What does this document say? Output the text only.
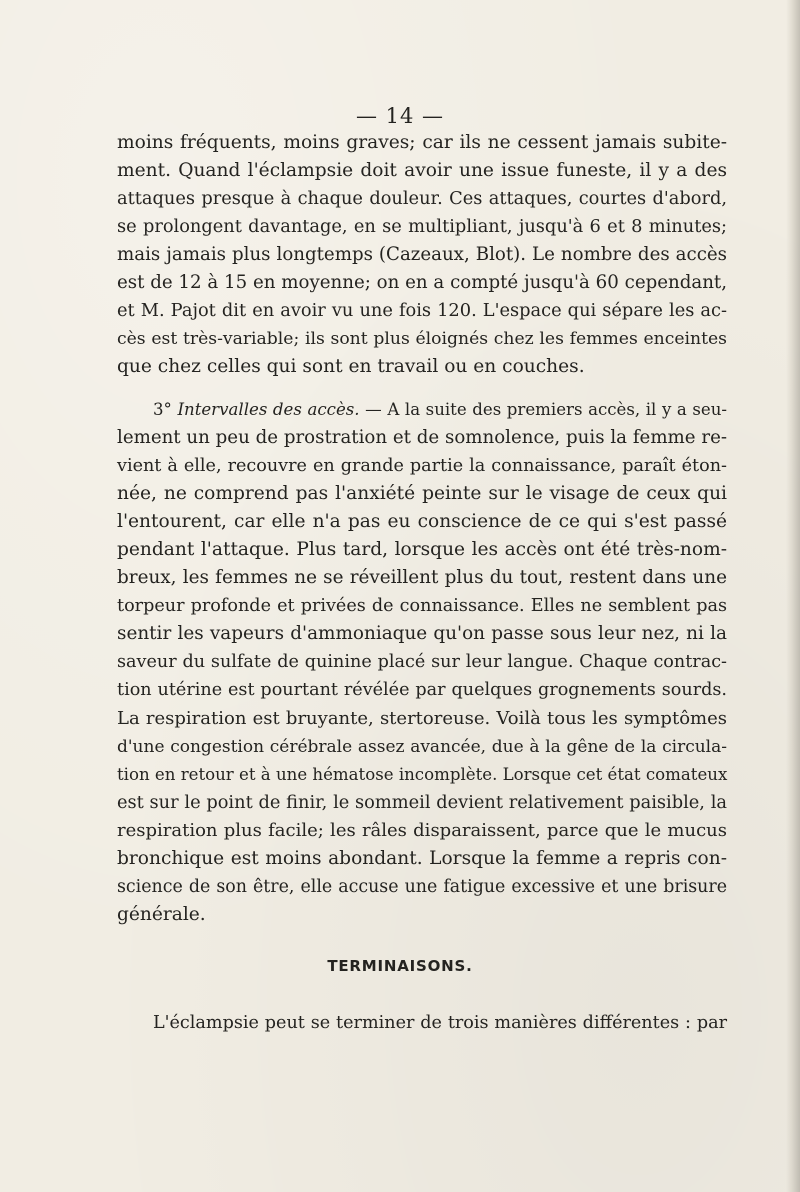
— 14 —
moins fréquents, moins graves; car ils ne cessent jamais subite-
ment. Quand l'éclampsie doit avoir une issue funeste, il y a des
attaques presque à chaque douleur. Ces attaques, courtes d'abord,
se prolongent davantage, en se multipliant, jusqu'à 6 et 8 minutes;
mais jamais plus longtemps (Cazeaux, Blot). Le nombre des accès
est de 12 à 15 en moyenne; on en a compté jusqu'à 60 cependant,
et M. Pajot dit en avoir vu une fois 120. L'espace qui sépare les ac-
cès est très-variable; ils sont plus éloignés chez les femmes enceintes
que chez celles qui sont en travail ou en couches.
3° Intervalles des accès. — A la suite des premiers accès, il y a seu-
lement un peu de prostration et de somnolence, puis la femme re-
vient à elle, recouvre en grande partie la connaissance, paraît éton-
née, ne comprend pas l'anxiété peinte sur le visage de ceux qui
l'entourent, car elle n'a pas eu conscience de ce qui s'est passé
pendant l'attaque. Plus tard, lorsque les accès ont été très-nom-
breux, les femmes ne se réveillent plus du tout, restent dans une
torpeur profonde et privées de connaissance. Elles ne semblent pas
sentir les vapeurs d'ammoniaque qu'on passe sous leur nez, ni la
saveur du sulfate de quinine placé sur leur langue. Chaque contrac-
tion utérine est pourtant révélée par quelques grognements sourds.
La respiration est bruyante, stertoreuse. Voilà tous les symptômes
d'une congestion cérébrale assez avancée, due à la gêne de la circula-
tion en retour et à une hématose incomplète. Lorsque cet état comateux
est sur le point de finir, le sommeil devient relativement paisible, la
respiration plus facile; les râles disparaissent, parce que le mucus
bronchique est moins abondant. Lorsque la femme a repris con-
science de son être, elle accuse une fatigue excessive et une brisure
générale.
TERMINAISONS.
L'éclampsie peut se terminer de trois manières différentes : par
